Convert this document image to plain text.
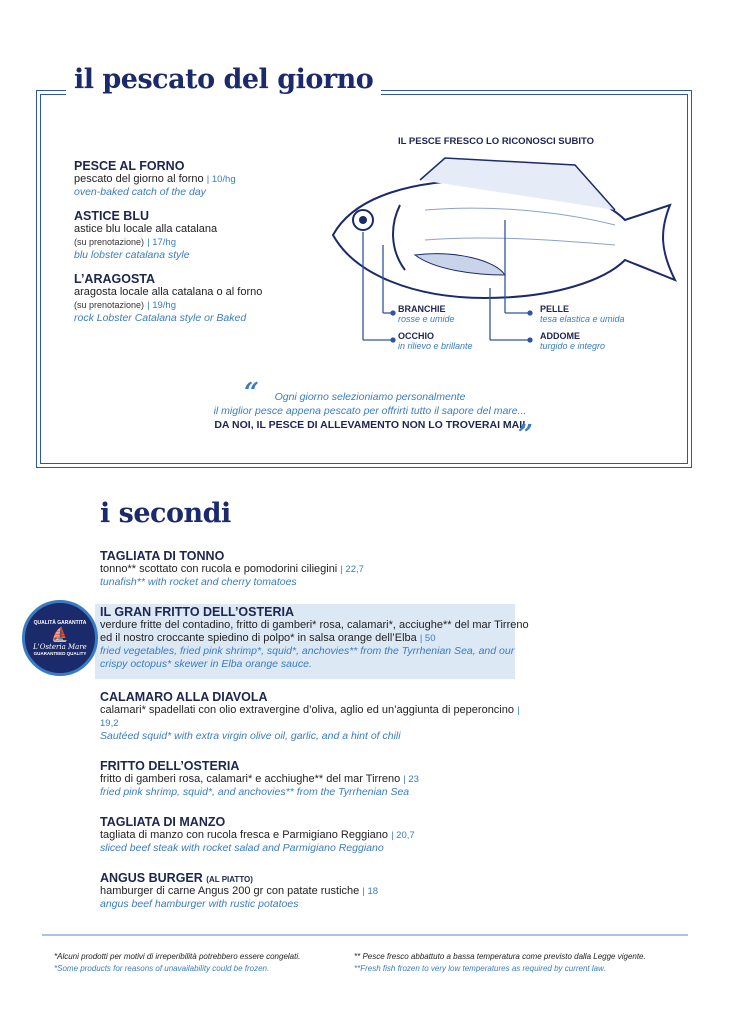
il pescato del giorno
PESCE AL FORNO
pescato del giorno al forno | 10/hg
oven-baked catch of the day
ASTICE BLU
astice blu locale alla catalana
(su prenotazione) | 17/hg
blu lobster catalana style
L’ARAGOSTA
aragosta locale alla catalana o al forno
(su prenotazione) | 19/hg
rock Lobster Catalana style or Baked
IL PESCE FRESCO LO RICONOSCI SUBITO
BRANCHIE
rosse e umide
OCCHIO
in rilievo e brillante
PELLE
tesa elastica e umida
ADDOME
turgido e integro
“	Ogni giorno selezioniamo personalmente
il miglior pesce appena pescato per offrirti tutto il sapore del mare...
DA NOI, IL PESCE DI ALLEVAMENTO NON LO TROVERAI MAI!
”
i secondi
QUALITÀ GARANTITA
⛵
L'Osteria Mare
GUARANTEED QUALITY
TAGLIATA DI TONNO
tonno** scottato con rucola e pomodorini ciliegini | 22,7
tunafish** with rocket and cherry tomatoes
IL GRAN FRITTO DELL’OSTERIA
verdure fritte del contadino, fritto di gamberi* rosa, calamari*, acciughe** del mar Tirreno ed il nostro croccante spiedino di polpo* in salsa orange dell’Elba | 50
fried vegetables, fried pink shrimp*, squid*, anchovies** from the Tyrrhenian Sea, and our crispy octopus* skewer in Elba orange sauce.
CALAMARO ALLA DIAVOLA
calamari* spadellati con olio extravergine d’oliva, aglio ed un’aggiunta di peperoncino | 19,2
Sautéed squid* with extra virgin olive oil, garlic, and a hint of chili
FRITTO DELL’OSTERIA
fritto di gamberi rosa, calamari* e acchiughe** del mar Tirreno | 23
fried pink shrimp, squid*, and anchovies** from the Tyrrhenian Sea
TAGLIATA DI MANZO
tagliata di manzo con rucola fresca e Parmigiano Reggiano | 20,7
sliced beef steak with rocket salad and Parmigiano Reggiano
ANGUS BURGER (AL PIATTO)
hamburger di carne Angus 200 gr con patate rustiche | 18
angus beef hamburger with rustic potatoes
*Alcuni prodotti per motivi di irreperibilità potrebbero essere congelati.
*Some products for reasons of unavailability could be frozen.
** Pesce fresco abbattuto a bassa temperatura come previsto dalla Legge vigente.
**Fresh fish frozen to very low temperatures as required by current law.
